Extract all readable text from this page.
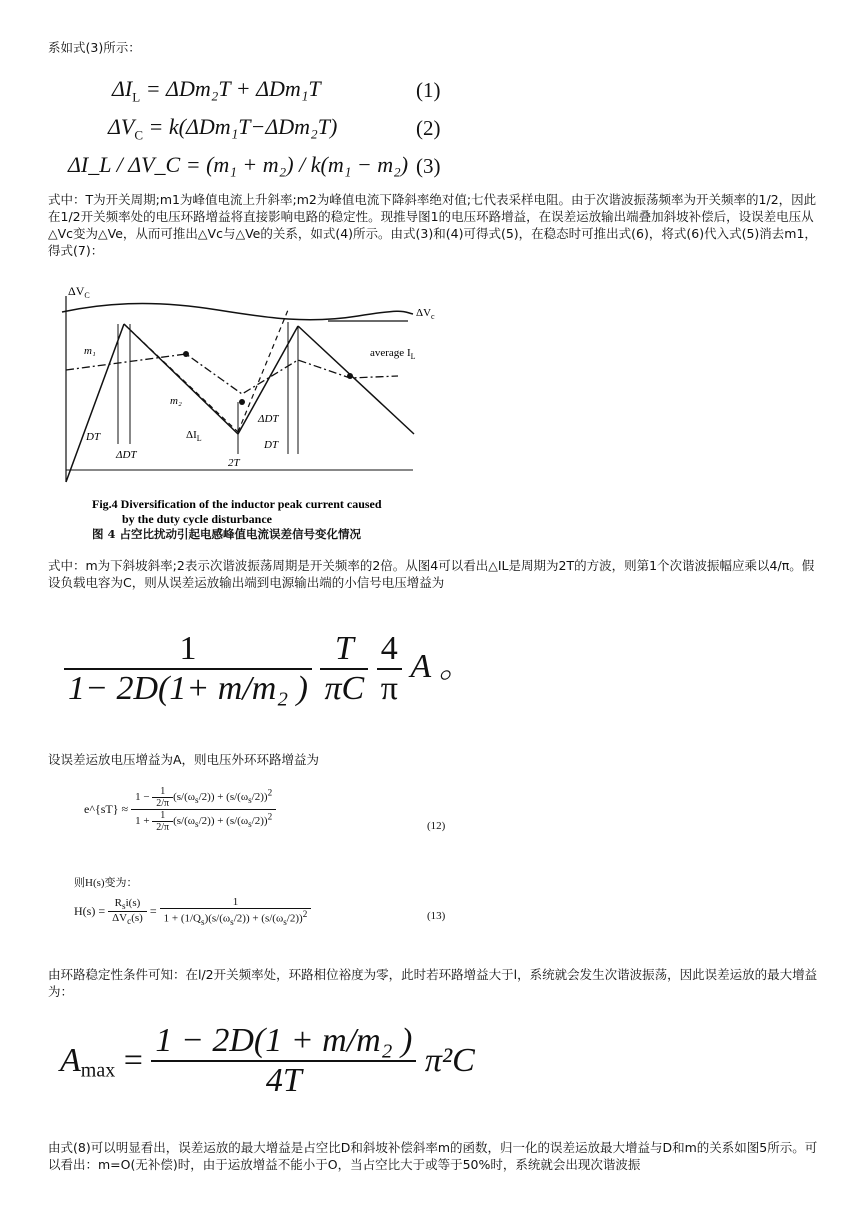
系如式(3)所示：
$\Delta I_L = \Delta Dm_2T + \Delta Dm_1T$	(1)
$\Delta V_C = k(\Delta Dm_1T-\Delta Dm_2T)$	(2)
ΔI_L / ΔV_C = (m₁ + m₂) / k(m₁ − m₂) (3)
式中：T为开关周期;m1为峰值电流上升斜率;m2为峰值电流下降斜率绝对值;七代表采样电阻。由于次谐波振荡频率为开关频率的1/2，因此在1/2开关频率处的电压环路增益将直接影响电路的稳定性。现推导图1的电压环路增益，在误差运放输出端叠加斜坡补偿后，设误差电压从△Vc变为△Ve，从而可推出△Vc与△Ve的关系，如式(4)所示。由式(3)和(4)可得式(5)，在稳态时可推出式(6)，将式(6)代入式(5)消去m1，得式(7)：
$\Delta V_C$
$\Delta V_c$
m₁
m₂
average $I_L$
$\Delta I_L$
DT
ΔDT
ΔDT
DT
2T
Fig.4 Diversification of the inductor peak current caused
by the duty cycle disturbance
图 4 占空比扰动引起电感峰值电流误差信号变化情况
式中：m为下斜坡斜率;2表示次谐波振荡周期是开关频率的2倍。从图4可以看出△IL是周期为2T的方波，则第1个次谐波振幅应乘以4/π。假设负载电容为C，则从误差运放输出端到电源输出端的小信号电压增益为
$\frac{1}{\text{1− 2D(1+ m/m₂ )}}$
$\frac{T}{\pi C}$
$\frac{4}{\pi}$ A 。
设误差运放电压增益为A，则电压外环环路增益为
e^{sT} ≈ $\frac{1 - \frac{1}{2/\pi} (s/(\omega_s/2)) + (s/(\omega_s/2))^2}{1 + \frac{1}{2/\pi} (s/(\omega_s/2)) + (s/(\omega_s/2))^2}$	(12)
则H(s)变为：
$H(s) = \frac{R_si(s)}{\Delta V_c(s)} = \frac{1}{1 + (1/Q_s)(s/(\omega_s/2)) + (s/(\omega_s/2))^2}$	(13)
由环路稳定性条件可知：在l/2开关频率处，环路相位裕度为零，此时若环路增益大于l，系统就会发生次谐波振荡，因此误差运放的最大增益为：
$A_{max} = \frac{\text{1 − 2D(1 + m/m₂ )}}{4T} \pi^2C$
由式(8)可以明显看出，误差运放的最大增益是占空比D和斜坡补偿斜率m的函数，归一化的误差运放最大增益与D和m的关系如图5所示。可以看出：m=O(无补偿)时，由于运放增益不能小于O，当占空比大于或等于50%时，系统就会出现次谐波振
